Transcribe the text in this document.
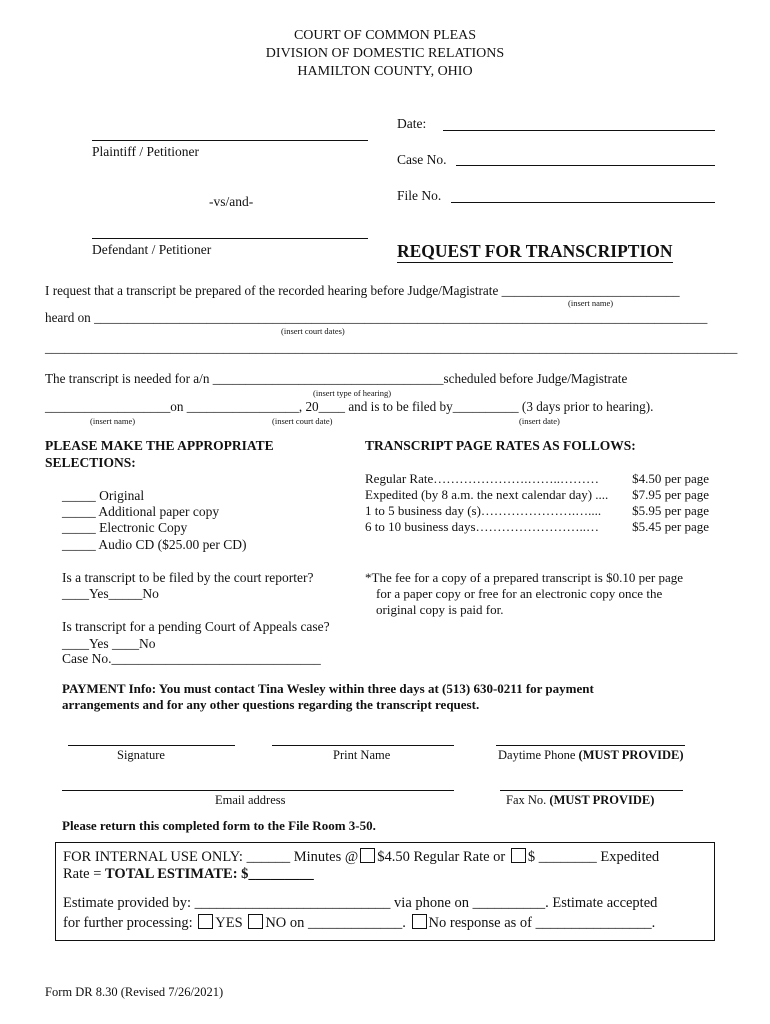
COURT OF COMMON PLEAS
DIVISION OF DOMESTIC RELATIONS
HAMILTON COUNTY, OHIO
Plaintiff / Petitioner
-vs/and-
Defendant / Petitioner
Date:
Case No.
File No.
REQUEST FOR TRANSCRIPTION
I request that a transcript be prepared of the recorded hearing before Judge/Magistrate ___________________________
(insert name)
heard on _____________________________________________________________________________________________
(insert court dates)
_________________________________________________________________________________________________________
The transcript is needed for a/n ___________________________________scheduled before Judge/Magistrate
(insert type of hearing)
___________________on _________________, 20____ and is to be filed by__________ (3 days prior to hearing).
(insert name)	(insert court date)	(insert date)
PLEASE MAKE THE APPROPRIATE
SELECTIONS:
_____ Original
_____ Additional paper copy
_____ Electronic Copy
_____ Audio CD ($25.00 per CD)
Is a transcript to be filed by the court reporter?
____Yes_____No
Is transcript for a pending Court of Appeals case?
____Yes ____No
Case No._______________________________
TRANSCRIPT PAGE RATES AS FOLLOWS:
Regular Rate………………….……..………	$4.50 per page
Expedited (by 8 a.m. the next calendar day) .... $7.95 per page
1 to 5 business day (s)………………….….... $5.95 per page
6 to 10 business days……………………..…	$5.45 per page
*The fee for a copy of a prepared transcript is $0.10 per page
for a paper copy or free for an electronic copy once the
original copy is paid for.
PAYMENT Info: You must contact Tina Wesley within three days at (513) 630-0211 for payment
arrangements and for any other questions regarding the transcript request.
Signature	Print Name	Daytime Phone (MUST PROVIDE)
Email address	Fax No. (MUST PROVIDE)
Please return this completed form to the File Room 3-50.
FOR INTERNAL USE ONLY: ______ Minutes @ $4.50 Regular Rate or $ ________ Expedited
Rate = TOTAL ESTIMATE: $_________
Estimate provided by: ___________________________ via phone on __________. Estimate accepted
for further processing: YES NO on _____________. No response as of ________________.
Form DR 8.30 (Revised 7/26/2021)
